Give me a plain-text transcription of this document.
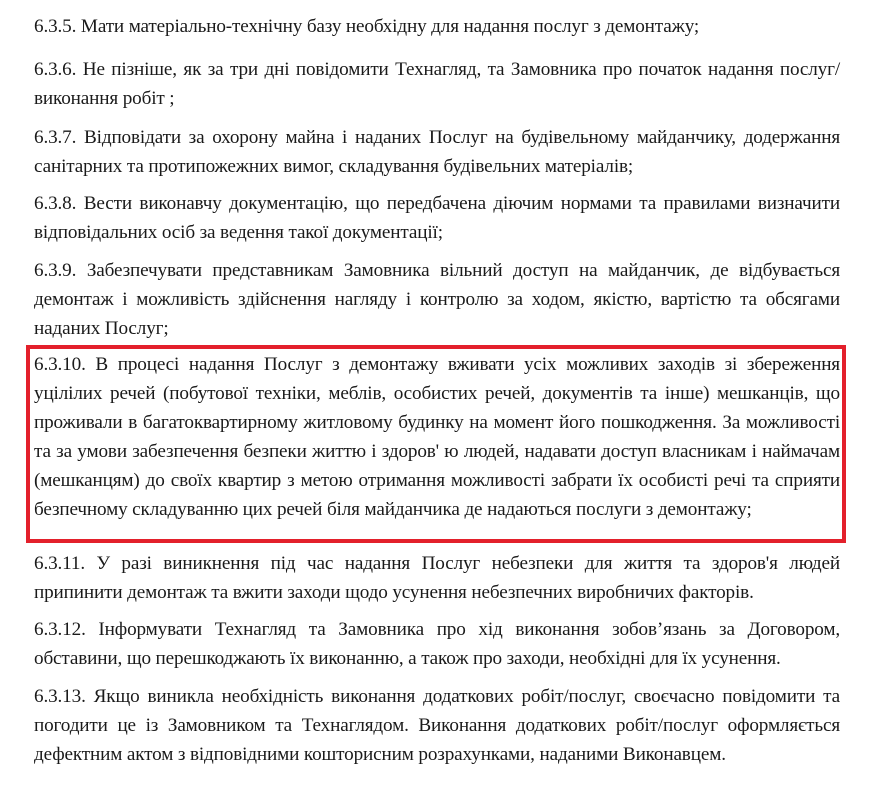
6.3.5. Мати матеріально-технічну базу необхідну для надання послуг з демонтажу;
6.3.6. Не пізніше, як за три дні повідомити Технагляд, та Замовника про початок надання послуг/виконання робіт ;
6.3.7. Відповідати за охорону майна і наданих Послуг на будівельному майданчику, додержання санітарних та протипожежних вимог, складування будівельних матеріалів;
6.3.8. Вести виконавчу документацію, що передбачена діючим нормами та правилами визначити відповідальних осіб за ведення такої документації;
6.3.9. Забезпечувати представникам Замовника вільний доступ на майданчик, де відбувається демонтаж і можливість здійснення нагляду і контролю за ходом, якістю, вартістю та обсягами наданих Послуг;
6.3.10. В процесі надання Послуг з демонтажу вживати усіх можливих заходів зі збереження уцілілих речей (побутової техніки, меблів, особистих речей, документів та інше) мешканців, що проживали в багатоквартирному житловому будинку на момент його пошкодження. За можливості та за умови забезпечення безпеки життю і здоров' ю людей, надавати доступ власникам і наймачам (мешканцям) до своїх квартир з метою отримання можливості забрати їх особисті речі та сприяти безпечному складуванню цих речей біля майданчика де надаються послуги з демонтажу;
6.3.11. У разі виникнення під час надання Послуг небезпеки для життя та здоров'я людей припинити демонтаж та вжити заходи щодо усунення небезпечних виробничих факторів.
6.3.12. Інформувати Технагляд та Замовника про хід виконання зобов’язань за Договором, обставини, що перешкоджають їх виконанню, а також про заходи, необхідні для їх усунення.
6.3.13. Якщо виникла необхідність виконання додаткових робіт/послуг, своєчасно повідомити та погодити це із Замовником та Технаглядом. Виконання додаткових робіт/послуг оформляється дефектним актом з відповідними кошторисним розрахунками, наданими Виконавцем.
